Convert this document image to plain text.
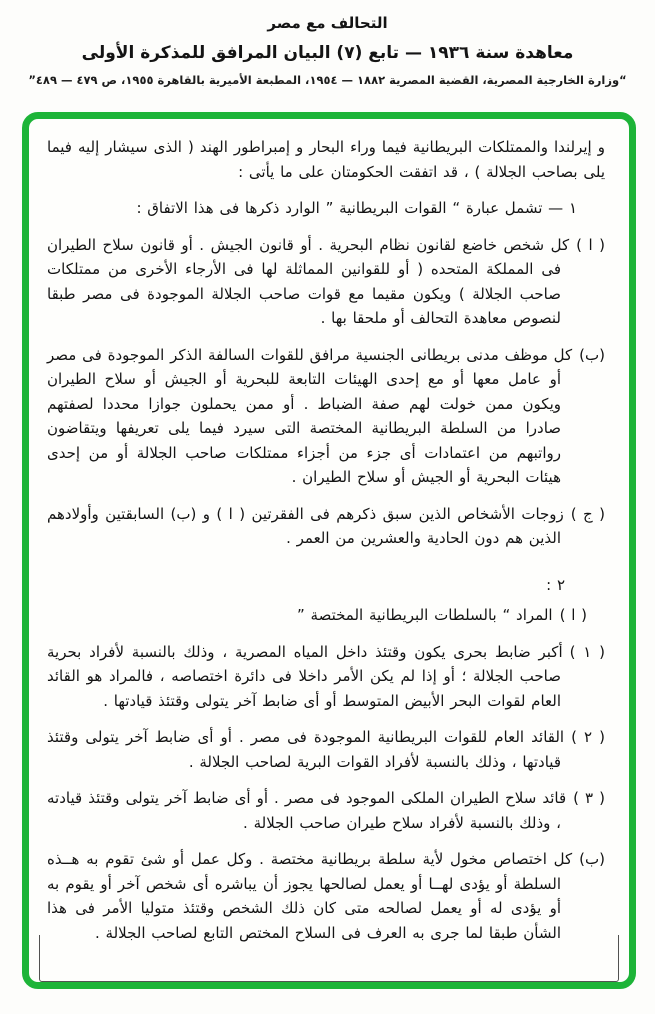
التحالف مع مصر
معاهدة سنة ١٩٣٦ — تابع (٧) البيان المرافق للمذكرة الأولى
“وزارة الخارجية المصرية، القضية المصرية ١٨٨٢ — ١٩٥٤، المطبعة الأميرية بالقاهرة ١٩٥٥، ص ٤٧٩ — ٤٨٩”

و إيرلندا والممتلكات البريطانية فيما وراء البحار و إمبراطور الهند ( الذى سيشار إليه فيما يلى بصاحب الجلالة ) ، قد اتفقت الحكومتان على ما يأتى :

١ — تشمل عبارة “ القوات البريطانية ” الوارد ذكرها فى هذا الاتفاق :

( ا )كل شخص خاضع لقانون نظام البحرية . أو قانون الجيش . أو قانون سلاح الطيران فى المملكة المتحده ( أو للقوانين المماثلة لها فى الأرجاء الأخرى من ممتلكات صاحب الجلالة ) ويكون مقيما مع قوات صاحب الجلالة الموجودة فى مصر طبقا لنصوص معاهدة التحالف أو ملحقا بها .

(ب)كل موظف مدنى بريطانى الجنسية مرافق للقوات السالفة الذكر الموجودة فى مصر أو عامل معها أو مع إحدى الهيئات التابعة للبحرية أو الجيش أو سلاح الطيران ويكون ممن خولت لهم صفة الضباط . أو ممن يحملون جوازا محددا لصفتهم صادرا من السلطة البريطانية المختصة التى سيرد فيما يلى تعريفها ويتقاضون رواتبهم من اعتمادات أى جزء من أجزاء ممتلكات صاحب الجلالة أو من إحدى هيئات البحرية أو الجيش أو سلاح الطيران .

( ج )زوجات الأشخاص الذين سبق ذكرهم فى الفقرتين ( ا ) و (ب) السابقتين وأولادهم الذين هم دون الحادية والعشرين من العمر .

٢ :

( ا )المراد “ بالسلطات البريطانية المختصة ”

( ١ )أكبر ضابط بحرى يكون وقتئذ داخل المياه المصرية ، وذلك بالنسبة لأفراد بحرية صاحب الجلالة ؛ أو إذا لم يكن الأمر داخلا فى دائرة اختصاصه ، فالمراد هو القائد العام لقوات البحر الأبيض المتوسط أو أى ضابط آخر يتولى وقتئذ قيادتها .

( ٢ )القائد العام للقوات البريطانية الموجودة فى مصر . أو أى ضابط آخر يتولى وقتئذ قيادتها ، وذلك بالنسبة لأفراد القوات البرية لصاحب الجلالة .

( ٣ )قائد سلاح الطيران الملكى الموجود فى مصر . أو أى ضابط آخر يتولى وقتئذ قيادته ، وذلك بالنسبة لأفراد سلاح طيران صاحب الجلالة .

(ب)كل اختصاص مخول لأية سلطة بريطانية مختصة . وكل عمل أو شئ تقوم به هــذه السلطة أو يؤدى لهــا أو يعمل لصالحها يجوز أن يباشره أى شخص آخر أو يقوم به أو يؤدى له أو يعمل لصالحه متى كان ذلك الشخص وقتئذ متوليا الأمر فى هذا الشأن طبقا لما جرى به العرف فى السلاح المختص التابع لصاحب الجلالة .
